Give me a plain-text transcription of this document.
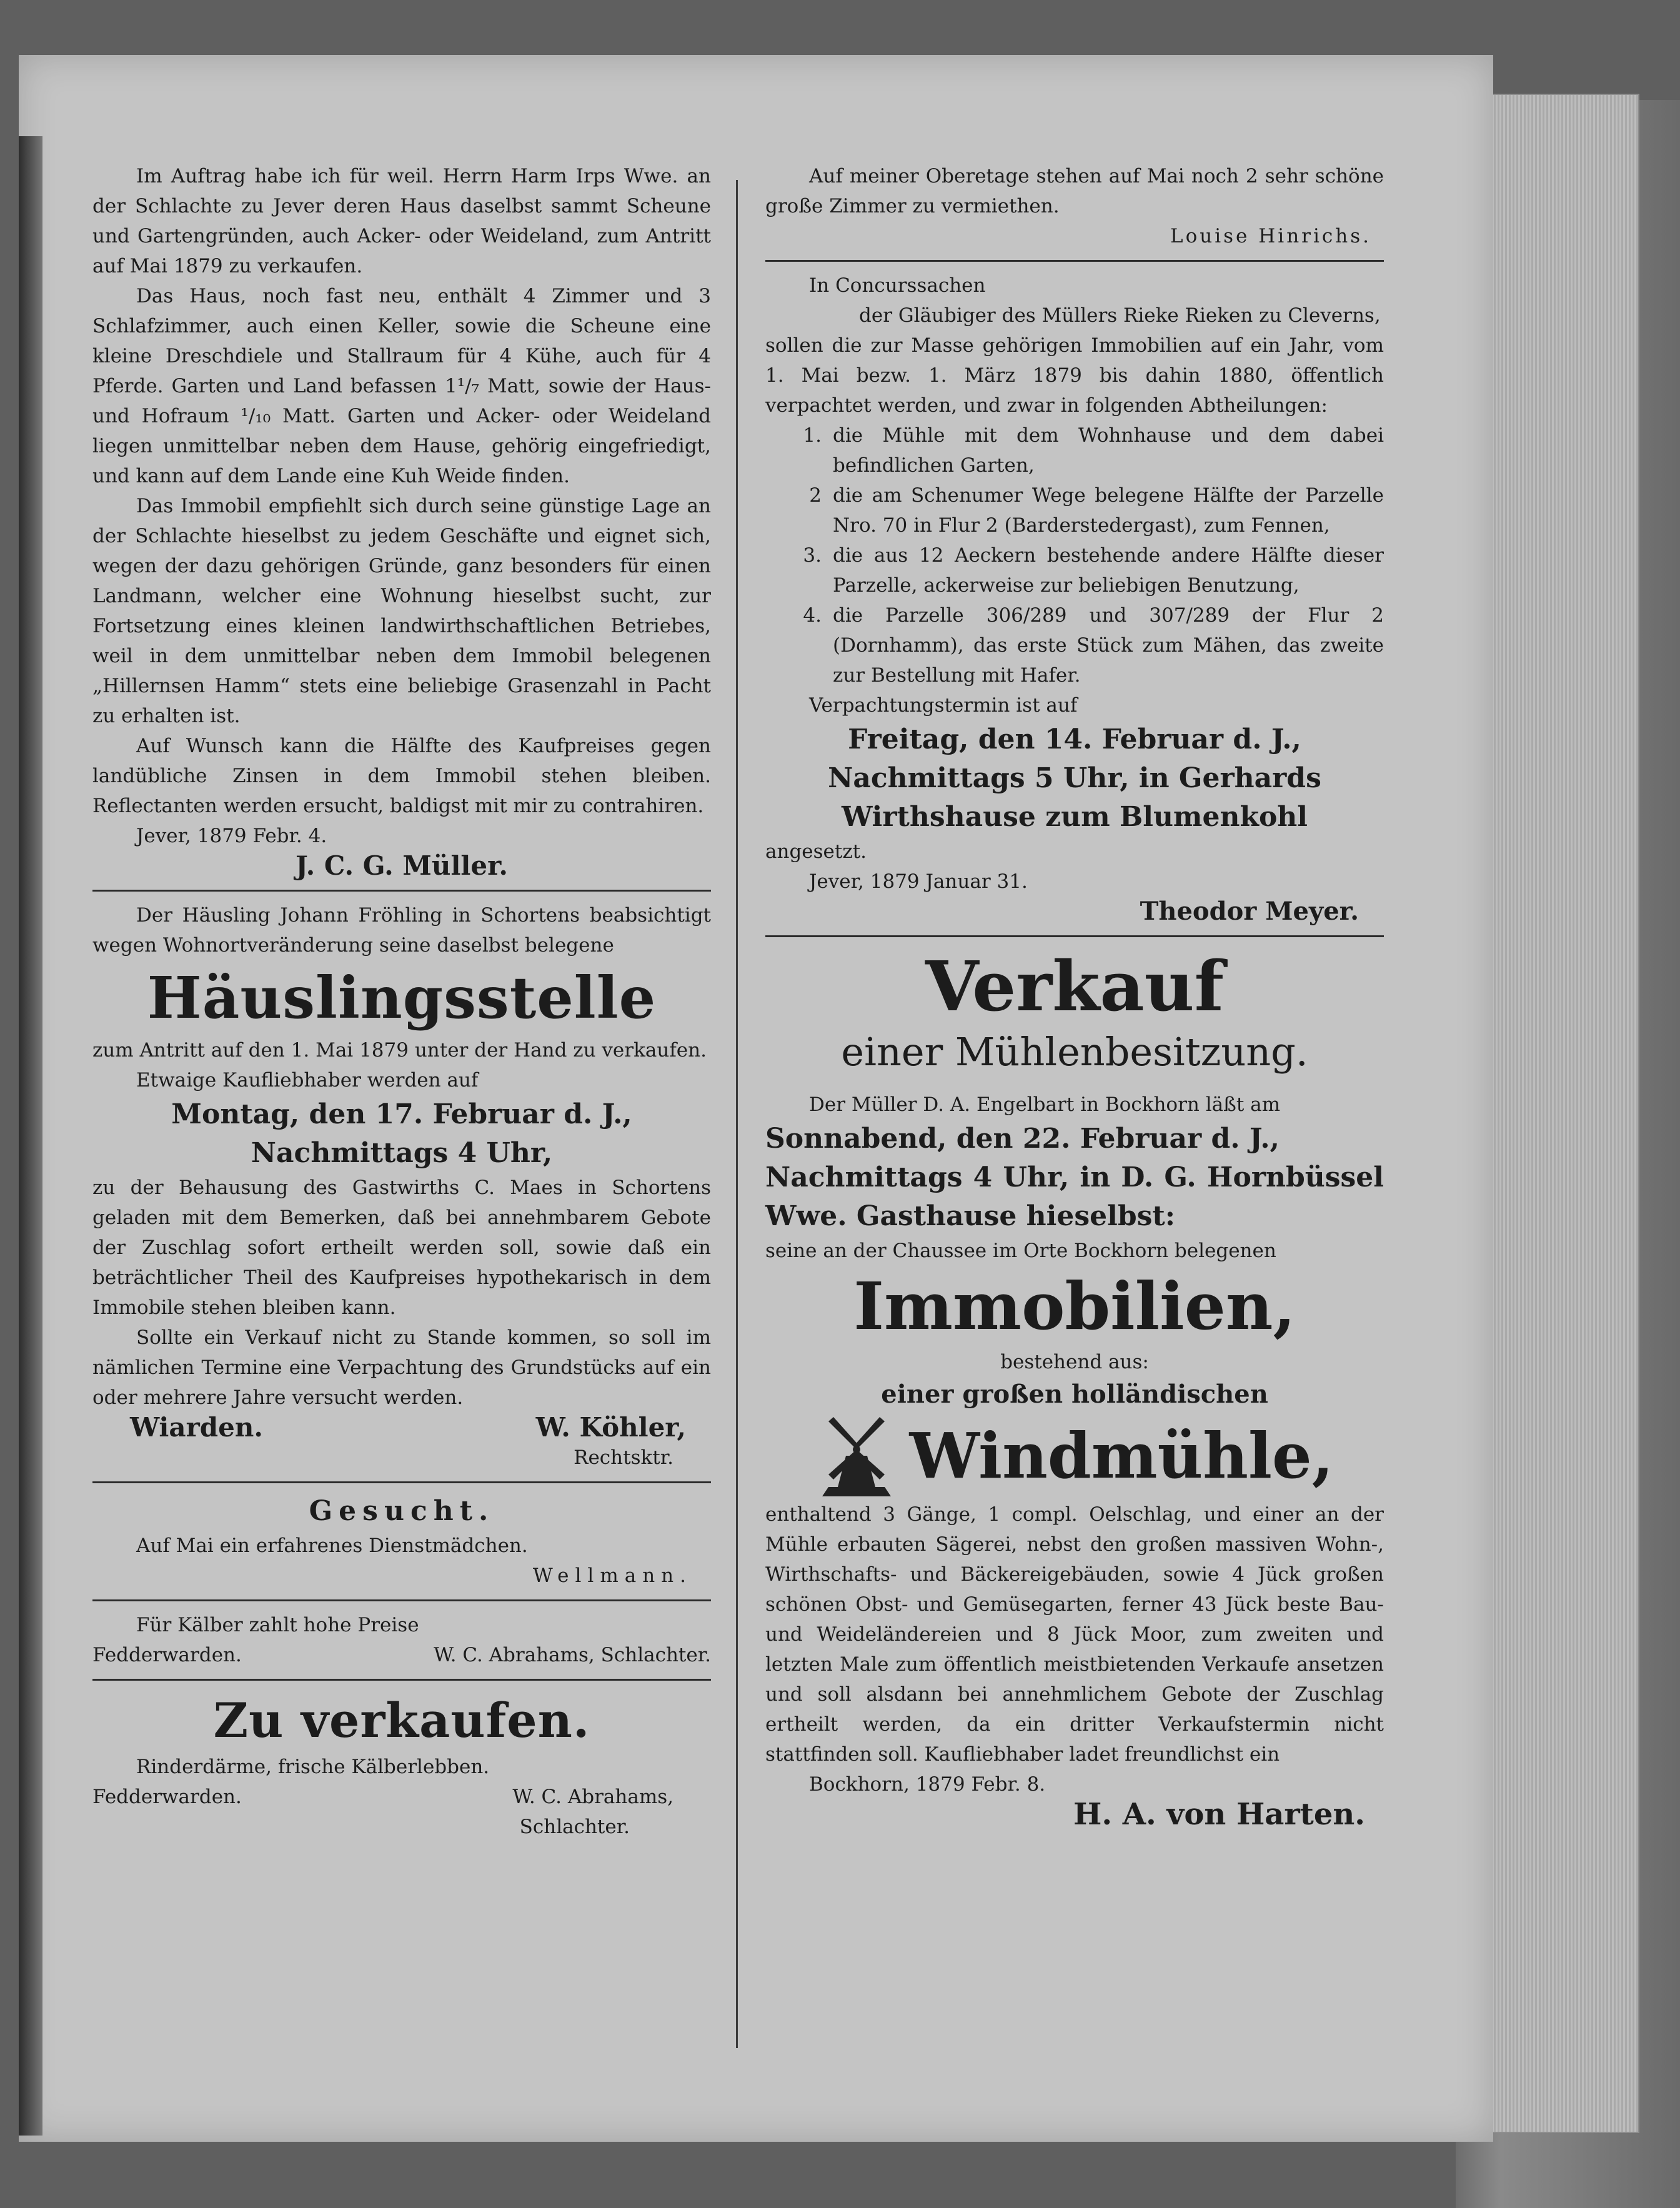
Im Auftrag habe ich für weil. Herrn Harm Irps Wwe. an der Schlachte zu Jever deren Haus daselbst sammt Scheune und Gartengründen, auch Acker- oder Weideland, zum Antritt auf Mai 1879 zu verkaufen.

Das Haus, noch fast neu, enthält 4 Zimmer und 3 Schlafzimmer, auch einen Keller, sowie die Scheune eine kleine Dreschdiele und Stallraum für 4 Kühe, auch für 4 Pferde. Garten und Land befassen 1¹/₇ Matt, sowie der Haus- und Hofraum ¹/₁₀ Matt. Garten und Acker- oder Weideland liegen unmittelbar neben dem Hause, gehörig eingefriedigt, und kann auf dem Lande eine Kuh Weide finden.

Das Immobil empfiehlt sich durch seine günstige Lage an der Schlachte hieselbst zu jedem Geschäfte und eignet sich, wegen der dazu gehörigen Gründe, ganz besonders für einen Landmann, welcher eine Wohnung hieselbst sucht, zur Fortsetzung eines kleinen landwirthschaftlichen Betriebes, weil in dem unmittelbar neben dem Immobil belegenen „Hillernsen Hamm“ stets eine beliebige Grasenzahl in Pacht zu erhalten ist.

Auf Wunsch kann die Hälfte des Kaufpreises gegen landübliche Zinsen in dem Immobil stehen bleiben. Reflectanten werden ersucht, baldigst mit mir zu contrahiren.

Jever, 1879 Febr. 4.

J. C. G. Müller.

Der Häusling Johann Fröhling in Schortens beabsichtigt wegen Wohnortveränderung seine daselbst belegene

Häuslingsstelle

zum Antritt auf den 1. Mai 1879 unter der Hand zu verkaufen.

Etwaige Kaufliebhaber werden auf

Montag, den 17. Februar d. J.,
Nachmittags 4 Uhr,

zu der Behausung des Gastwirths C. Maes in Schortens geladen mit dem Bemerken, daß bei annehmbarem Gebote der Zuschlag sofort ertheilt werden soll, sowie daß ein beträchtlicher Theil des Kaufpreises hypothekarisch in dem Immobile stehen bleiben kann.

Sollte ein Verkauf nicht zu Stande kommen, so soll im nämlichen Termine eine Verpachtung des Grundstücks auf ein oder mehrere Jahre versucht werden.

Wiarden.	W. Köhler,

Rechtsktr.

Gesucht.

Auf Mai ein erfahrenes Dienstmädchen.

Wellmann.

Für Kälber zahlt hohe Preise

Fedderwarden.	W. C. Abrahams, Schlachter.
Zu verkaufen.

Rinderdärme, frische Kälberlebben.

Fedderwarden.	W. C. Abrahams,

Schlachter.

Auf meiner Oberetage stehen auf Mai noch 2 sehr schöne große Zimmer zu vermiethen.

Louise Hinrichs.

In Concurssachen

der Gläubiger des Müllers Rieke Rieken zu Cleverns,

sollen die zur Masse gehörigen Immobilien auf ein Jahr, vom 1. Mai bezw. 1. März 1879 bis dahin 1880, öffentlich verpachtet werden, und zwar in folgenden Abtheilungen:

1. die Mühle mit dem Wohnhause und dem dabei befindlichen Garten,
2 die am Schenumer Wege belegene Hälfte der Parzelle Nro. 70 in Flur 2 (Barderstedergast), zum Fennen,
3. die aus 12 Aeckern bestehende andere Hälfte dieser Parzelle, ackerweise zur beliebigen Benutzung,
4. die Parzelle 306/289 und 307/289 der Flur 2 (Dornhamm), das erste Stück zum Mähen, das zweite zur Bestellung mit Hafer.

Verpachtungstermin ist auf

Freitag, den 14. Februar d. J.,
Nachmittags 5 Uhr, in Gerhards
Wirthshause zum Blumenkohl

angesetzt.

Jever, 1879 Januar 31.

Theodor Meyer.

Verkauf
einer Mühlenbesitzung.

Der Müller D. A. Engelbart in Bockhorn läßt am

Sonnabend, den 22. Februar d. J.,
Nachmittags 4 Uhr, in D. G. Hornbüssel Wwe. Gasthause hieselbst:

seine an der Chaussee im Orte Bockhorn belegenen

Immobilien,

bestehend aus:

einer großen holländischen

Windmühle,

enthaltend 3 Gänge, 1 compl. Oelschlag, und einer an der Mühle erbauten Sägerei, nebst den großen massiven Wohn-, Wirthschafts- und Bäckereigebäuden, sowie 4 Jück großen schönen Obst- und Gemüsegarten, ferner 43 Jück beste Bau- und Weideländereien und 8 Jück Moor, zum zweiten und letzten Male zum öffentlich meistbietenden Verkaufe ansetzen und soll alsdann bei annehmlichem Gebote der Zuschlag ertheilt werden, da ein dritter Verkaufstermin nicht stattfinden soll. Kaufliebhaber ladet freundlichst ein

Bockhorn, 1879 Febr. 8.

H. A. von Harten.
